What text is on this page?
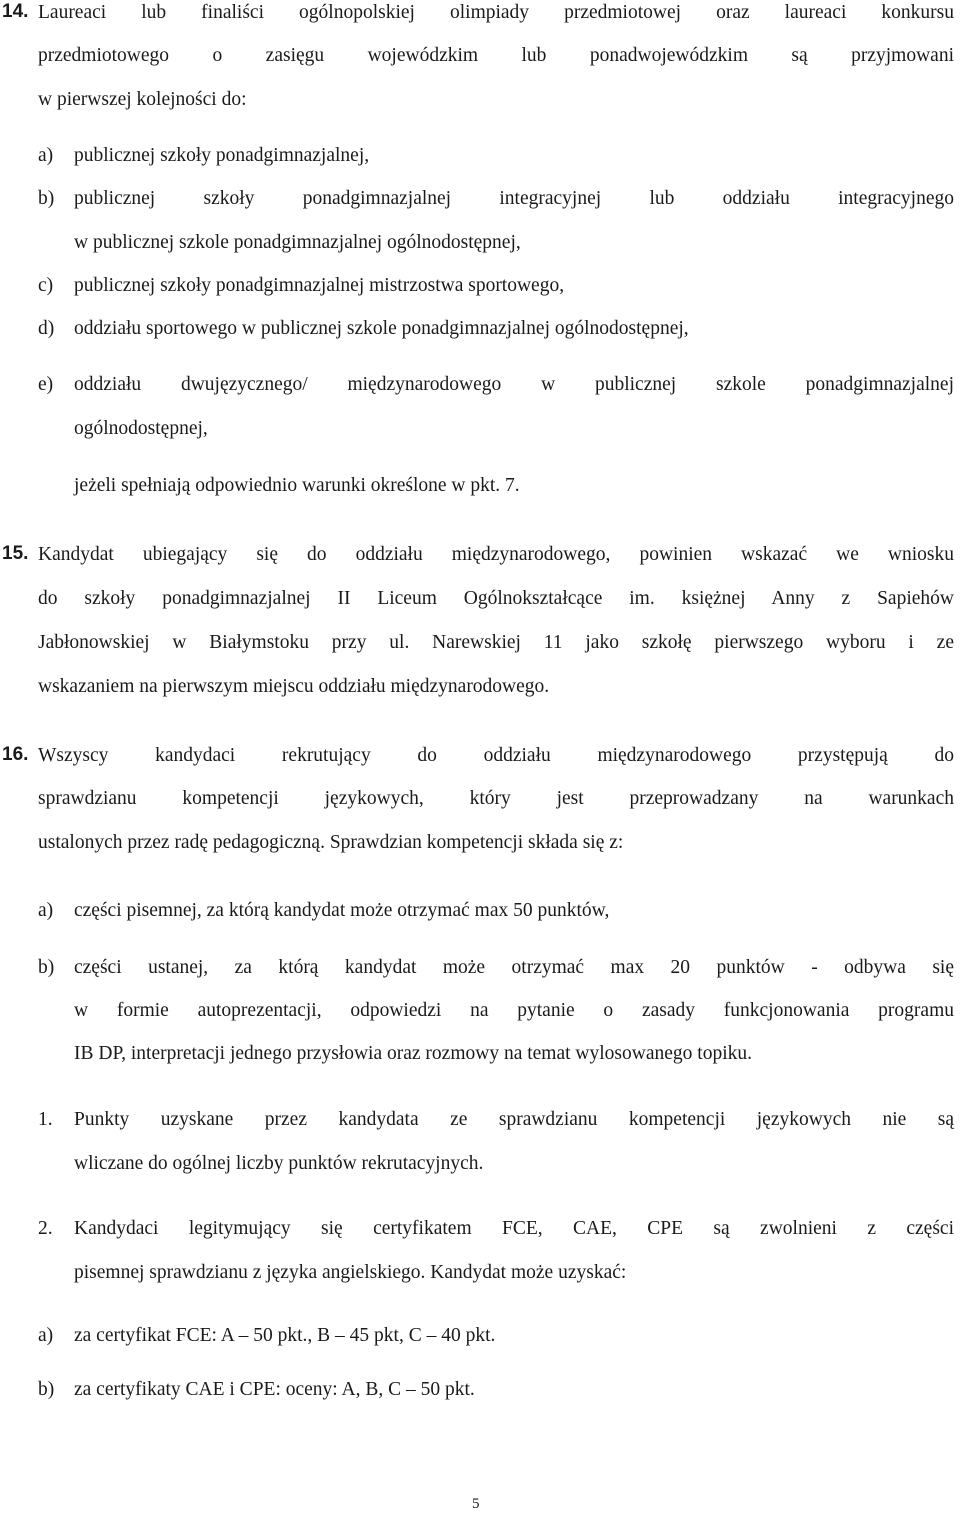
14. Laureaci lub finaliści ogólnopolskiej olimpiady przedmiotowej oraz laureaci konkursu
przedmiotowego o zasięgu wojewódzkim lub ponadwojewódzkim są przyjmowani
w pierwszej kolejności do:
a) publicznej szkoły ponadgimnazjalnej,
b) publicznej szkoły ponadgimnazjalnej integracyjnej lub oddziału integracyjnego
w publicznej szkole ponadgimnazjalnej ogólnodostępnej,
c) publicznej szkoły ponadgimnazjalnej mistrzostwa sportowego,
d) oddziału sportowego w publicznej szkole ponadgimnazjalnej ogólnodostępnej,
e) oddziału dwujęzycznego/ międzynarodowego w publicznej szkole ponadgimnazjalnej
ogólnodostępnej,
jeżeli spełniają odpowiednio warunki określone w pkt. 7.
15. Kandydat ubiegający się do oddziału międzynarodowego, powinien wskazać we wniosku
do szkoły ponadgimnazjalnej II Liceum Ogólnokształcące im. księżnej Anny z Sapiehów
Jabłonowskiej w Białymstoku przy ul. Narewskiej 11 jako szkołę pierwszego wyboru i ze
wskazaniem na pierwszym miejscu oddziału międzynarodowego.
16. Wszyscy kandydaci rekrutujący do oddziału międzynarodowego przystępują do
sprawdzianu kompetencji językowych, który jest przeprowadzany na warunkach
ustalonych przez radę pedagogiczną. Sprawdzian kompetencji składa się z:
a) części pisemnej, za którą kandydat może otrzymać max 50 punktów,
b) części ustanej, za którą kandydat może otrzymać max 20 punktów - odbywa się
w formie autoprezentacji, odpowiedzi na pytanie o zasady funkcjonowania programu
IB DP, interpretacji jednego przysłowia oraz rozmowy na temat wylosowanego topiku.
1. Punkty uzyskane przez kandydata ze sprawdzianu kompetencji językowych nie są
wliczane do ogólnej liczby punktów rekrutacyjnych.
2. Kandydaci legitymujący się certyfikatem FCE, CAE, CPE są zwolnieni z części
pisemnej sprawdzianu z języka angielskiego. Kandydat może uzyskać:
a) za certyfikat FCE: A – 50 pkt., B – 45 pkt, C – 40 pkt.
b) za certyfikaty CAE i CPE: oceny: A, B, C – 50 pkt.
5
